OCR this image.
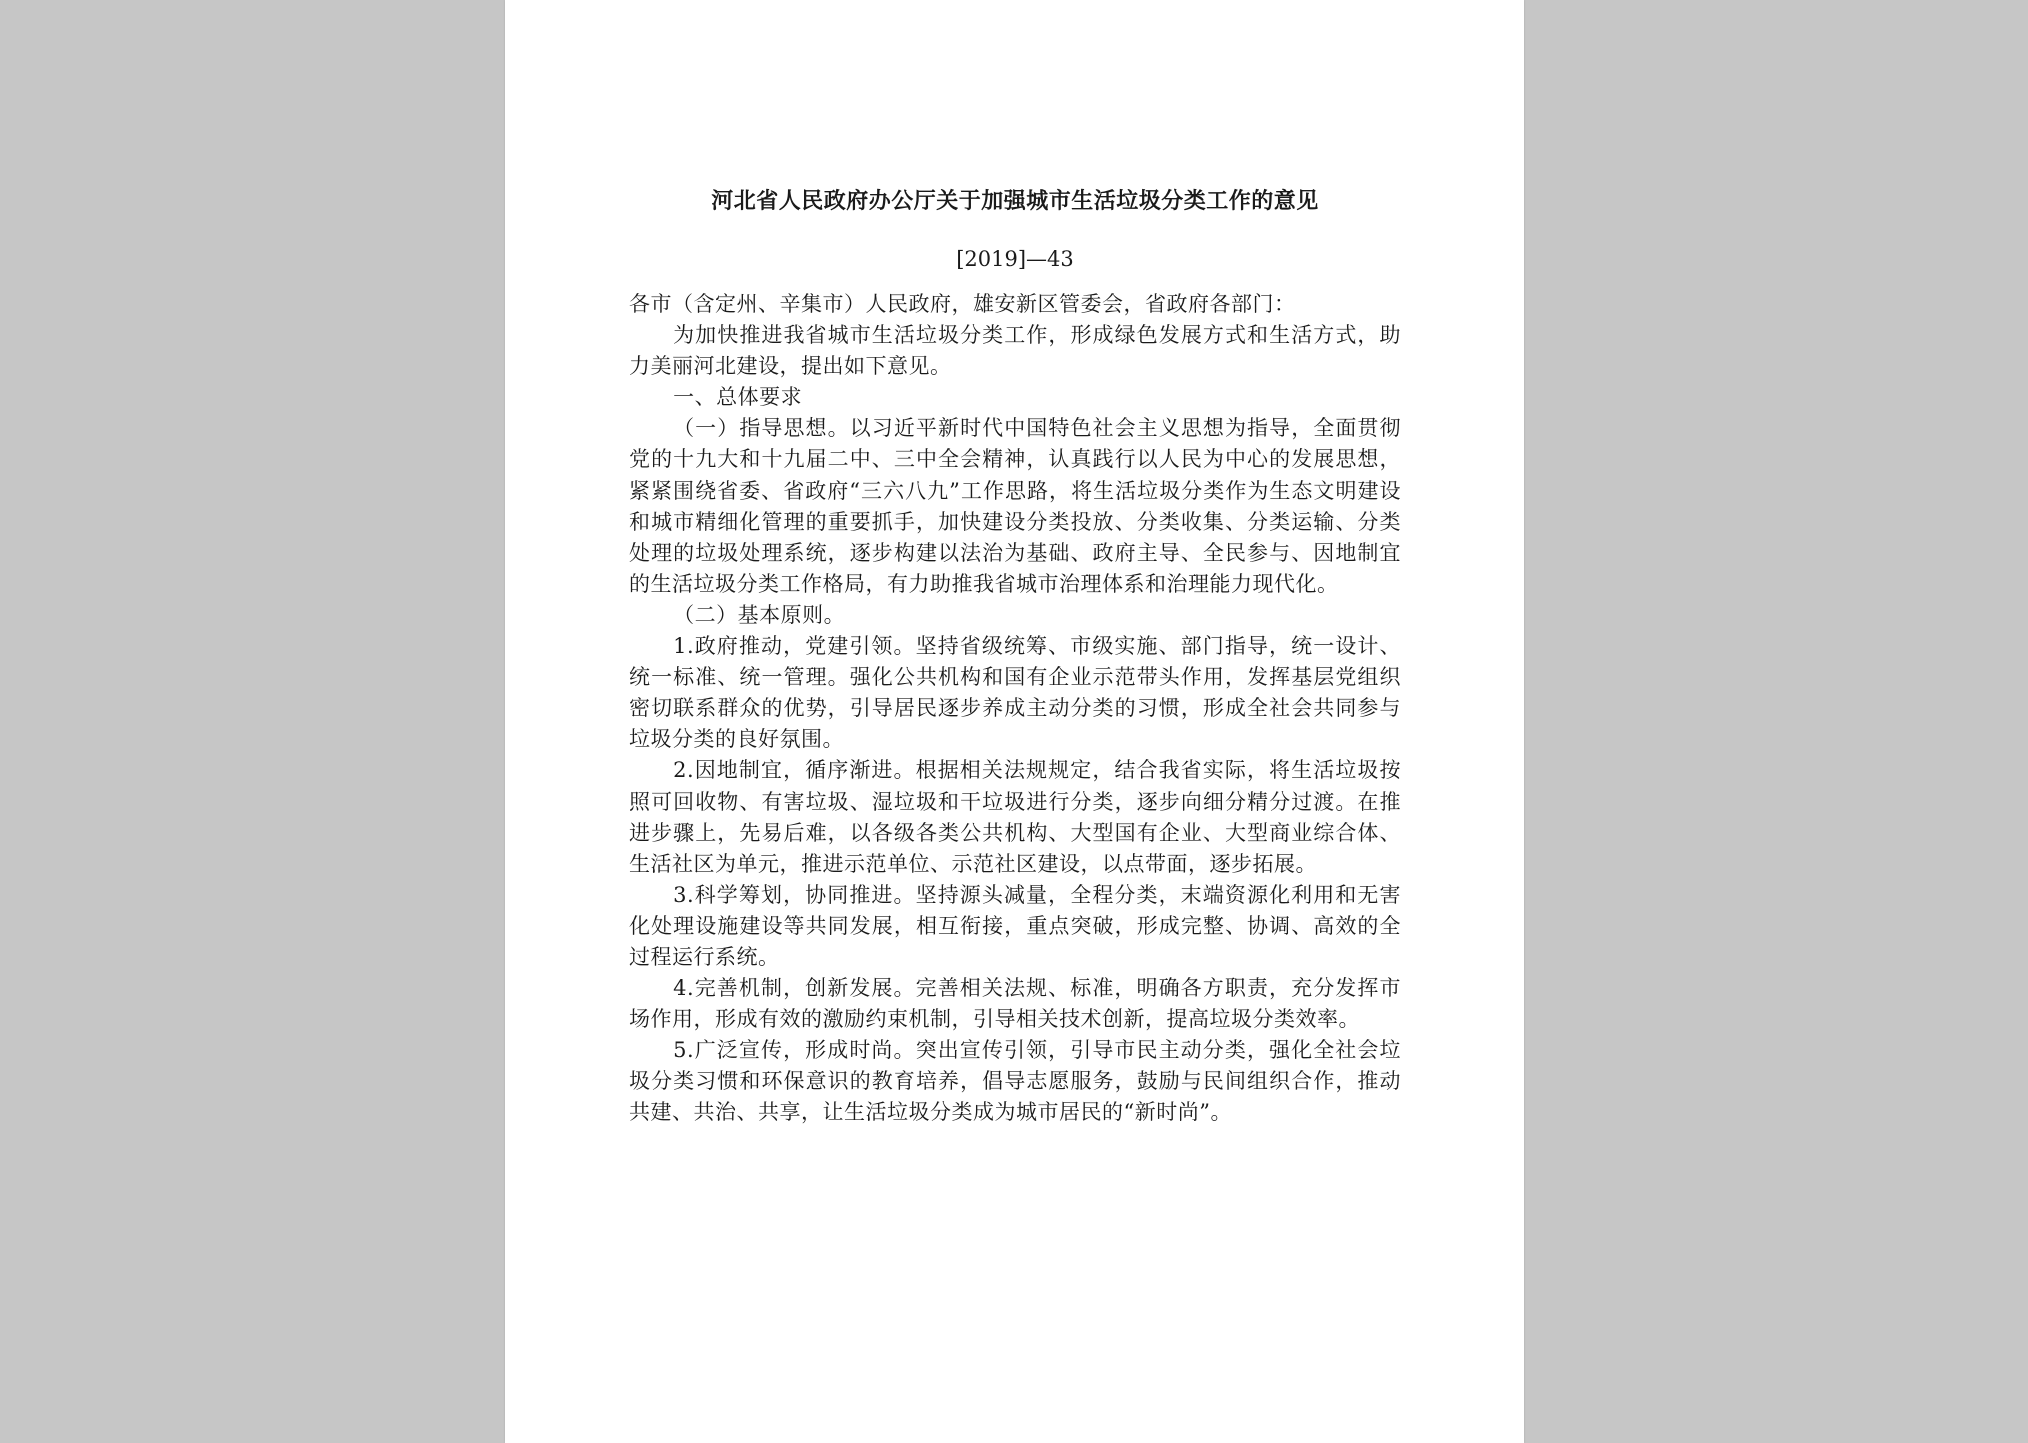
河北省人民政府办公厅关于加强城市生活垃圾分类工作的意见
[2019]—43

各市（含定州、辛集市）人民政府，雄安新区管委会，省政府各部门：

为加快推进我省城市生活垃圾分类工作，形成绿色发展方式和生活方式，助力美丽河北建设，提出如下意见。

一、总体要求

（一）指导思想。以习近平新时代中国特色社会主义思想为指导，全面贯彻党的十九大和十九届二中、三中全会精神，认真践行以人民为中心的发展思想，紧紧围绕省委、省政府“三六八九”工作思路，将生活垃圾分类作为生态文明建设和城市精细化管理的重要抓手，加快建设分类投放、分类收集、分类运输、分类处理的垃圾处理系统，逐步构建以法治为基础、政府主导、全民参与、因地制宜的生活垃圾分类工作格局，有力助推我省城市治理体系和治理能力现代化。

（二）基本原则。

1.政府推动，党建引领。坚持省级统筹、市级实施、部门指导，统一设计、统一标准、统一管理。强化公共机构和国有企业示范带头作用，发挥基层党组织密切联系群众的优势，引导居民逐步养成主动分类的习惯，形成全社会共同参与垃圾分类的良好氛围。

2.因地制宜，循序渐进。根据相关法规规定，结合我省实际，将生活垃圾按照可回收物、有害垃圾、湿垃圾和干垃圾进行分类，逐步向细分精分过渡。在推进步骤上，先易后难，以各级各类公共机构、大型国有企业、大型商业综合体、生活社区为单元，推进示范单位、示范社区建设，以点带面，逐步拓展。

3.科学筹划，协同推进。坚持源头减量，全程分类，末端资源化利用和无害化处理设施建设等共同发展，相互衔接，重点突破，形成完整、协调、高效的全过程运行系统。

4.完善机制，创新发展。完善相关法规、标准，明确各方职责，充分发挥市场作用，形成有效的激励约束机制，引导相关技术创新，提高垃圾分类效率。

5.广泛宣传，形成时尚。突出宣传引领，引导市民主动分类，强化全社会垃圾分类习惯和环保意识的教育培养，倡导志愿服务，鼓励与民间组织合作，推动共建、共治、共享，让生活垃圾分类成为城市居民的“新时尚”。
